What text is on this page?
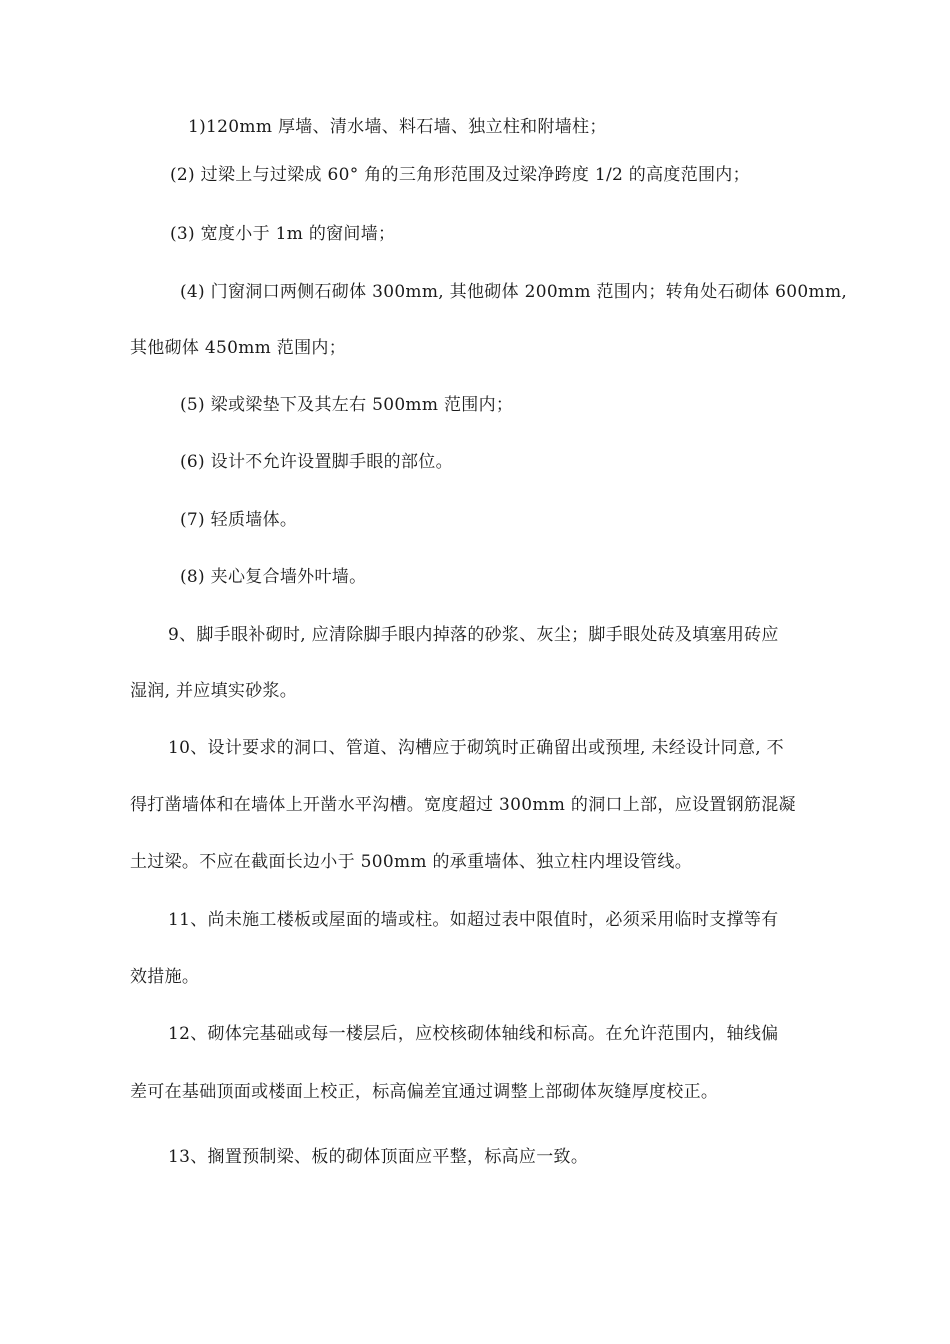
1)120mm 厚墙、清水墙、料石墙、独立柱和附墙柱；
(2) 过梁上与过梁成 60° 角的三角形范围及过梁净跨度 1/2 的高度范围内；
(3) 宽度小于 1m 的窗间墙；
(4) 门窗洞口两侧石砌体 300mm, 其他砌体 200mm 范围内；转角处石砌体 600mm,
其他砌体 450mm 范围内；
(5) 梁或梁垫下及其左右 500mm 范围内；
(6) 设计不允许设置脚手眼的部位。
(7) 轻质墙体。
(8) 夹心复合墙外叶墙。
9、脚手眼补砌时, 应清除脚手眼内掉落的砂浆、灰尘；脚手眼处砖及填塞用砖应
湿润, 并应填实砂浆。
10、设计要求的洞口、管道、沟槽应于砌筑时正确留出或预埋, 未经设计同意, 不
得打凿墙体和在墙体上开凿水平沟槽。宽度超过 300mm 的洞口上部，应设置钢筋混凝
土过梁。不应在截面长边小于 500mm 的承重墙体、独立柱内埋设管线。
11、尚未施工楼板或屋面的墙或柱。如超过表中限值时，必须采用临时支撑等有
效措施。
12、砌体完基础或每一楼层后，应校核砌体轴线和标高。在允许范围内，轴线偏
差可在基础顶面或楼面上校正，标高偏差宜通过调整上部砌体灰缝厚度校正。
13、搁置预制梁、板的砌体顶面应平整，标高应一致。
